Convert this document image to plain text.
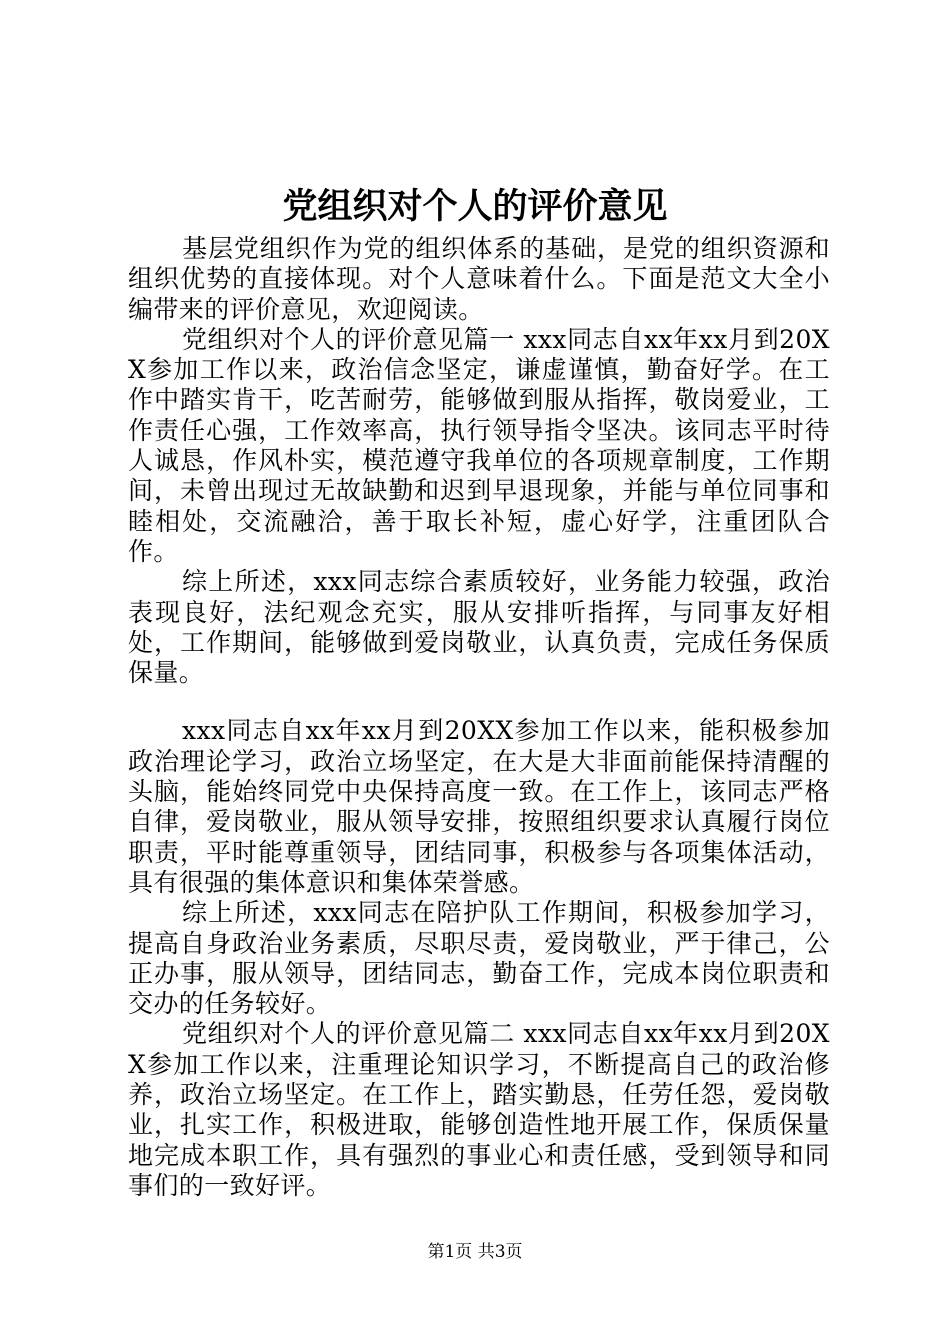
党组织对个人的评价意见

基层党组织作为党的组织体系的基础，是党的组织资源和组织优势的直接体现。对个人意味着什么。下面是范文大全小编带来的评价意见，欢迎阅读。

党组织对个人的评价意见篇一 xxx同志自xx年xx月到20XX参加工作以来，政治信念坚定，谦虚谨慎，勤奋好学。在工作中踏实肯干，吃苦耐劳，能够做到服从指挥，敬岗爱业，工作责任心强，工作效率高，执行领导指令坚决。该同志平时待人诚恳，作风朴实，模范遵守我单位的各项规章制度，工作期间，未曾出现过无故缺勤和迟到早退现象，并能与单位同事和睦相处，交流融洽，善于取长补短，虚心好学，注重团队合作。

综上所述，xxx同志综合素质较好，业务能力较强，政治表现良好，法纪观念充实，服从安排听指挥，与同事友好相处，工作期间，能够做到爱岗敬业，认真负责，完成任务保质保量。

xxx同志自xx年xx月到20XX参加工作以来，能积极参加政治理论学习，政治立场坚定，在大是大非面前能保持清醒的头脑，能始终同党中央保持高度一致。在工作上，该同志严格自律，爱岗敬业，服从领导安排，按照组织要求认真履行岗位职责，平时能尊重领导，团结同事，积极参与各项集体活动，具有很强的集体意识和集体荣誉感。

综上所述，xxx同志在陪护队工作期间，积极参加学习，提高自身政治业务素质，尽职尽责，爱岗敬业，严于律己，公正办事，服从领导，团结同志，勤奋工作，完成本岗位职责和交办的任务较好。

党组织对个人的评价意见篇二 xxx同志自xx年xx月到20XX参加工作以来，注重理论知识学习，不断提高自己的政治修养，政治立场坚定。在工作上，踏实勤恳，任劳任怨，爱岗敬业，扎实工作，积极进取，能够创造性地开展工作，保质保量地完成本职工作，具有强烈的事业心和责任感，受到领导和同事们的一致好评。

第1页 共3页
